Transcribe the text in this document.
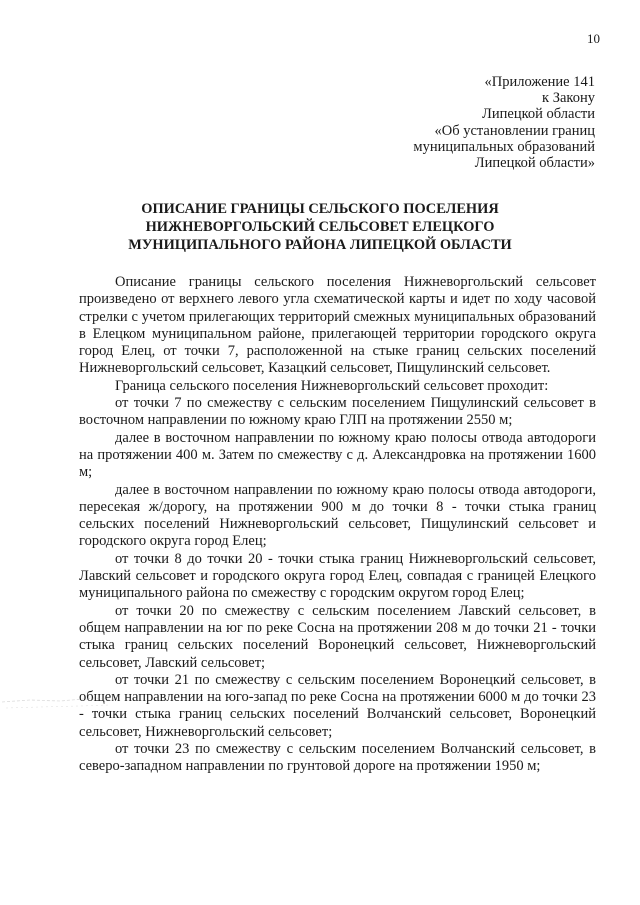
10
«Приложение 141
к Закону
Липецкой области
«Об установлении границ
муниципальных образований
Липецкой области»
ОПИСАНИЕ ГРАНИЦЫ СЕЛЬСКОГО ПОСЕЛЕНИЯ
НИЖНЕВОРГОЛЬСКИЙ СЕЛЬСОВЕТ ЕЛЕЦКОГО
МУНИЦИПАЛЬНОГО РАЙОНА ЛИПЕЦКОЙ ОБЛАСТИ

Описание границы сельского поселения Нижневоргольский сельсовет произведено от верхнего левого угла схематической карты и идет по ходу часовой стрелки с учетом прилегающих территорий смежных муниципальных образований в Елецком муниципальном районе, прилегающей территории городского округа город Елец, от точки 7, расположенной на стыке границ сельских поселений Нижневоргольский сельсовет, Казацкий сельсовет, Пищулинский сельсовет.

Граница сельского поселения Нижневоргольский сельсовет проходит:

от точки 7 по смежеству с сельским поселением Пищулинский сельсовет в восточном направлении по южному краю ГЛП на протяжении 2550 м;

далее в восточном направлении по южному краю полосы отвода автодороги на протяжении 400 м. Затем по смежеству с д. Александровка на протяжении 1600 м;

далее в восточном направлении по южному краю полосы отвода автодороги, пересекая ж/дорогу, на протяжении 900 м до точки 8 - точки стыка границ сельских поселений Нижневоргольский сельсовет, Пищулинский сельсовет и городского округа город Елец;

от точки 8 до точки 20 - точки стыка границ Нижневоргольский сельсовет, Лавский сельсовет и городского округа город Елец, совпадая с границей Елецкого муниципального района по смежеству с городским округом город Елец;

от точки 20 по смежеству с сельским поселением Лавский сельсовет, в общем направлении на юг по реке Сосна на протяжении 208 м до точки 21 - точки стыка границ сельских поселений Воронецкий сельсовет, Нижневоргольский сельсовет, Лавский сельсовет;

от точки 21 по смежеству с сельским поселением Воронецкий сельсовет, в общем направлении на юго-запад по реке Сосна на протяжении 6000 м до точки 23 - точки стыка границ сельских поселений Волчанский сельсовет, Воронецкий сельсовет, Нижневоргольский сельсовет;

от точки 23 по смежеству с сельским поселением Волчанский сельсовет, в северо-западном направлении по грунтовой дороге на протяжении 1950 м;
